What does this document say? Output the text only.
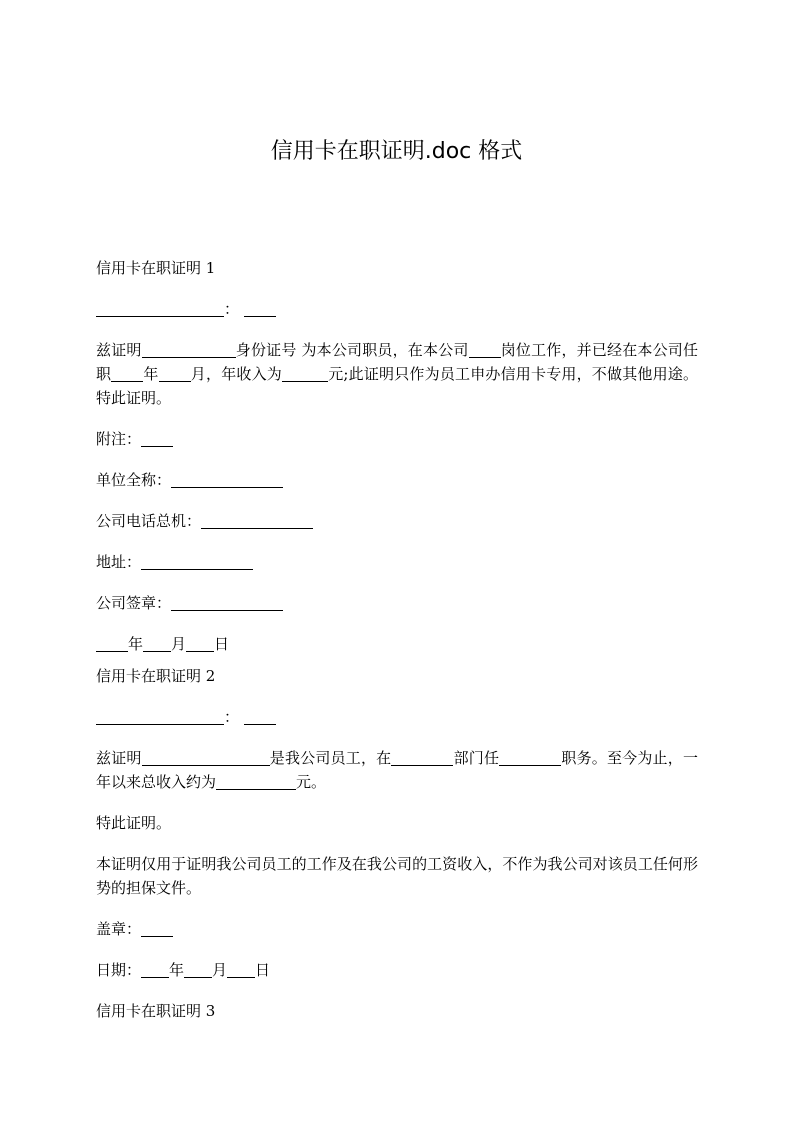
信用卡在职证明.doc 格式
信用卡在职证明 1
：
兹证明	身份证号 为本公司职员，在本公司 岗位工作，并已经在本公司任职 年 月，年收入为	元;此证明只作为员工申办信用卡专用，不做其他用途。特此证明。
附注：
单位全称：
公司电话总机：
地址：
公司签章：
年 月 日
信用卡在职证明 2
：
兹证明	是我公司员工，在	部门任	职务。至今为止，一年以来总收入约为	元。
特此证明。
本证明仅用于证明我公司员工的工作及在我公司的工资收入，不作为我公司对该员工任何形势的担保文件。
盖章：
日期： 年 月 日
信用卡在职证明 3
